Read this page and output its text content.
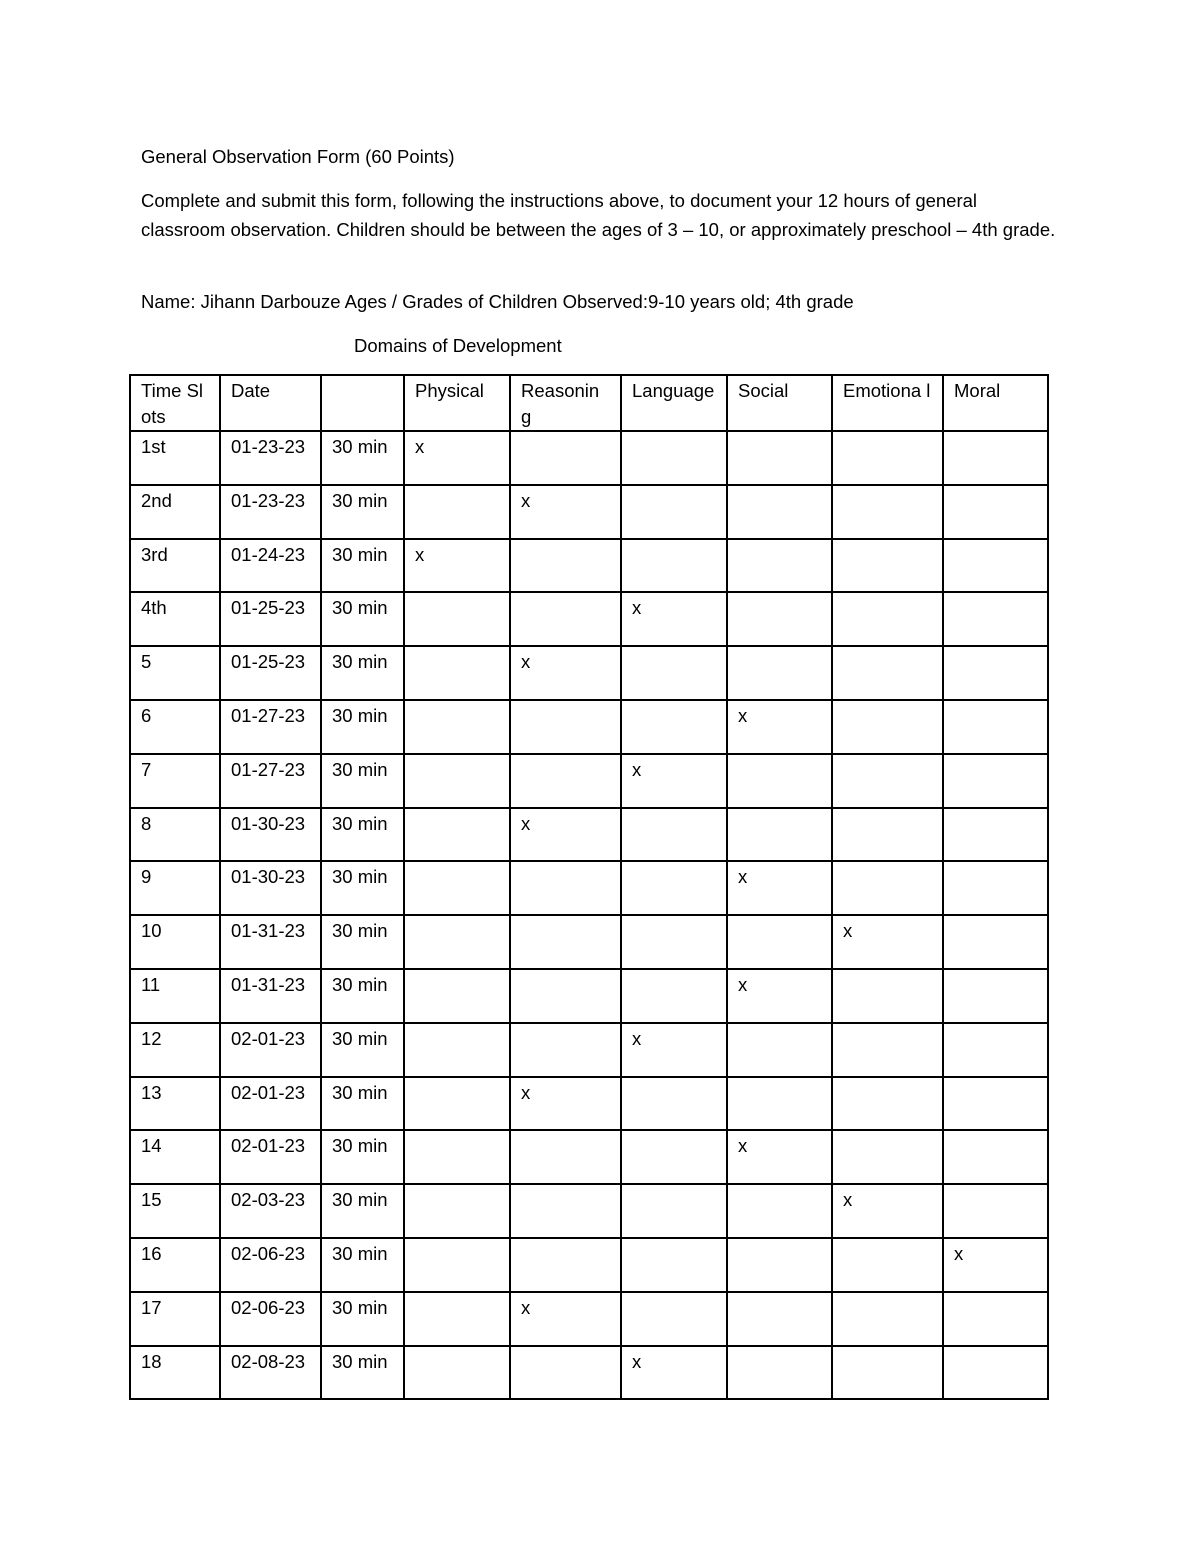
General Observation Form (60 Points)
Complete and submit this form, following the instructions above, to document your 12 hours of general classroom observation. Children should be between the ages of 3 – 10, or approximately preschool – 4th grade.
Name: Jihann Darbouze Ages / Grades of Children Observed:9-10 years old; 4th grade
Domains of Development
Time Slots	Date		Physical	Reasonin g	Language	Social	Emotiona l	Moral
1st	01-23-23	30 min	x					
2nd	01-23-23	30 min		x				
3rd	01-24-23	30 min	x					
4th	01-25-23	30 min			x			
5	01-25-23	30 min		x				
6	01-27-23	30 min				x		
7	01-27-23	30 min			x			
8	01-30-23	30 min		x				
9	01-30-23	30 min				x		
10	01-31-23	30 min					x	
11	01-31-23	30 min				x		
12	02-01-23	30 min			x			
13	02-01-23	30 min		x				
14	02-01-23	30 min				x		
15	02-03-23	30 min					x	
16	02-06-23	30 min						x
17	02-06-23	30 min		x				
18	02-08-23	30 min			x			
